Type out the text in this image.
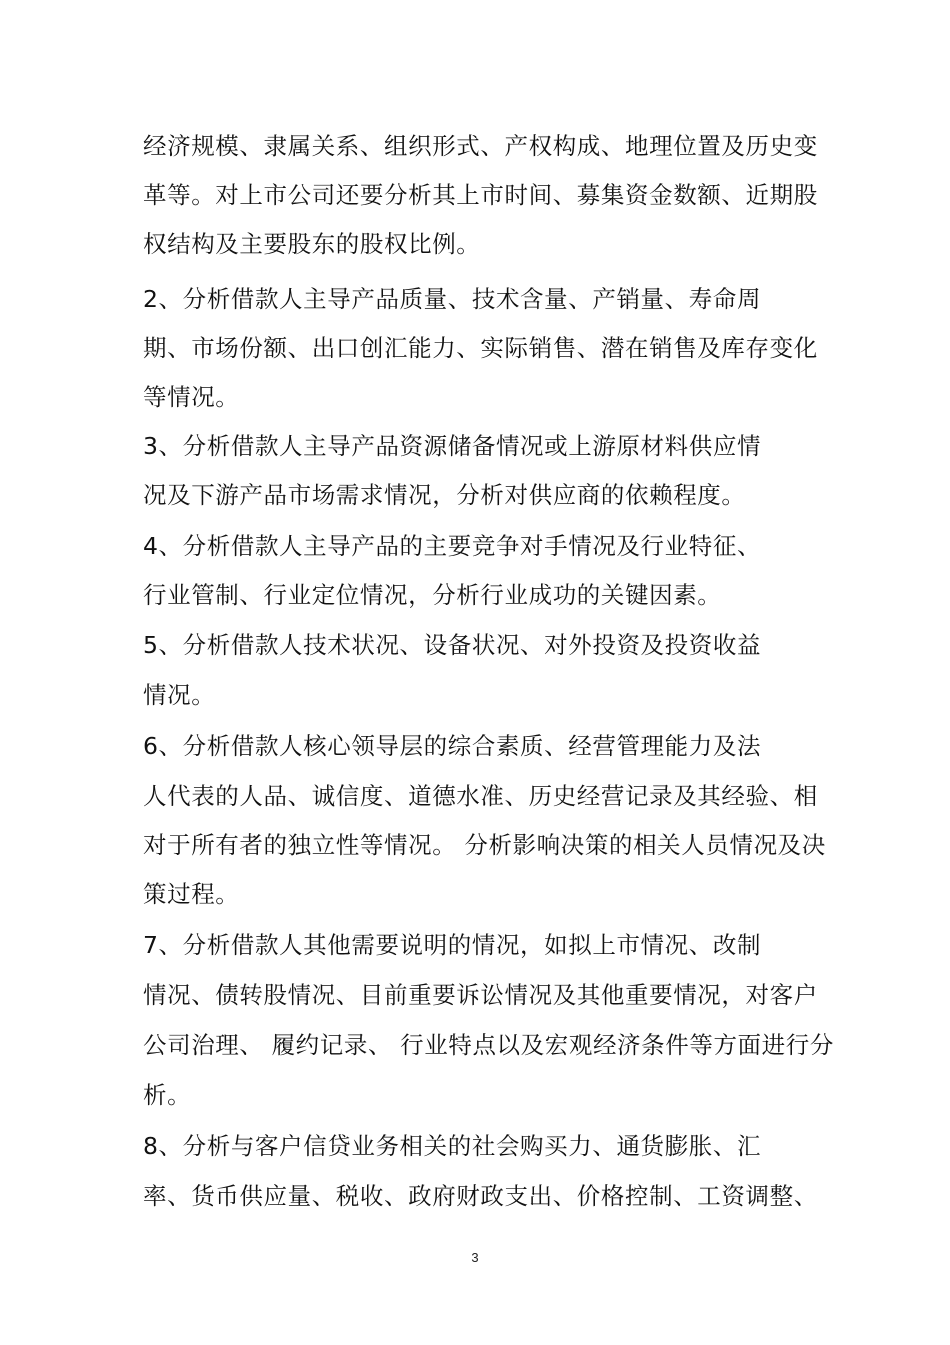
经济规模、隶属关系、组织形式、产权构成、地理位置及历史变
革等。对上市公司还要分析其上市时间、募集资金数额、近期股
权结构及主要股东的股权比例。
2、分析借款人主导产品质量、技术含量、产销量、寿命周
期、市场份额、出口创汇能力、实际销售、潜在销售及库存变化
等情况。
3、分析借款人主导产品资源储备情况或上游原材料供应情
况及下游产品市场需求情况，分析对供应商的依赖程度。
4、分析借款人主导产品的主要竞争对手情况及行业特征、
行业管制、行业定位情况，分析行业成功的关键因素。
5、分析借款人技术状况、设备状况、对外投资及投资收益
情况。
6、分析借款人核心领导层的综合素质、经营管理能力及法
人代表的人品、诚信度、道德水准、历史经营记录及其经验、相
对于所有者的独立性等情况。 分析影响决策的相关人员情况及决
策过程。
7、分析借款人其他需要说明的情况，如拟上市情况、改制
情况、债转股情况、目前重要诉讼情况及其他重要情况，对客户
公司治理、 履约记录、 行业特点以及宏观经济条件等方面进行分
析。
8、分析与客户信贷业务相关的社会购买力、通货膨胀、汇
率、货币供应量、税收、政府财政支出、价格控制、工资调整、
3
